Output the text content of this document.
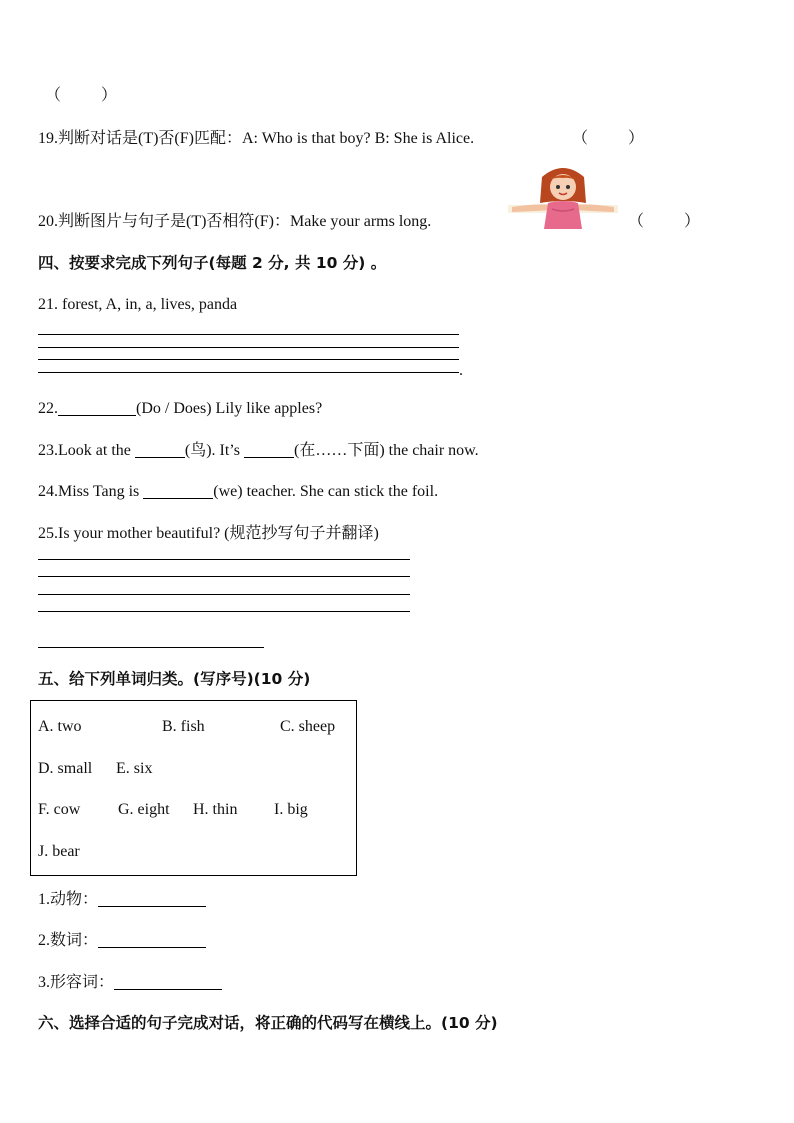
（          ）
19.判断对话是(T)否(F)匹配：A: Who is that boy? B: She is Alice.	（          ）
20.判断图片与句子是(T)否相符(F)：Make your arms long.	（          ）
四、按要求完成下列句子(每题 2 分, 共 10 分) 。
21. forest, A, in, a, lives, panda
.
22.	(Do / Does) Lily like apples?
23.Look at the	(鸟). It’s	(在……下面) the chair now.
24.Miss Tang is	(we) teacher. She can stick the foil.
25.Is your mother beautiful? (规范抄写句子并翻译)
五、给下列单词归类。(写序号)(10 分)
A. two	B. fish	C. sheep
D. small E. six
F. cow G. eight H. thin I. big
J. bear
1.动物：
2.数词：
3.形容词：
六、选择合适的句子完成对话，将正确的代码写在横线上。(10 分)
